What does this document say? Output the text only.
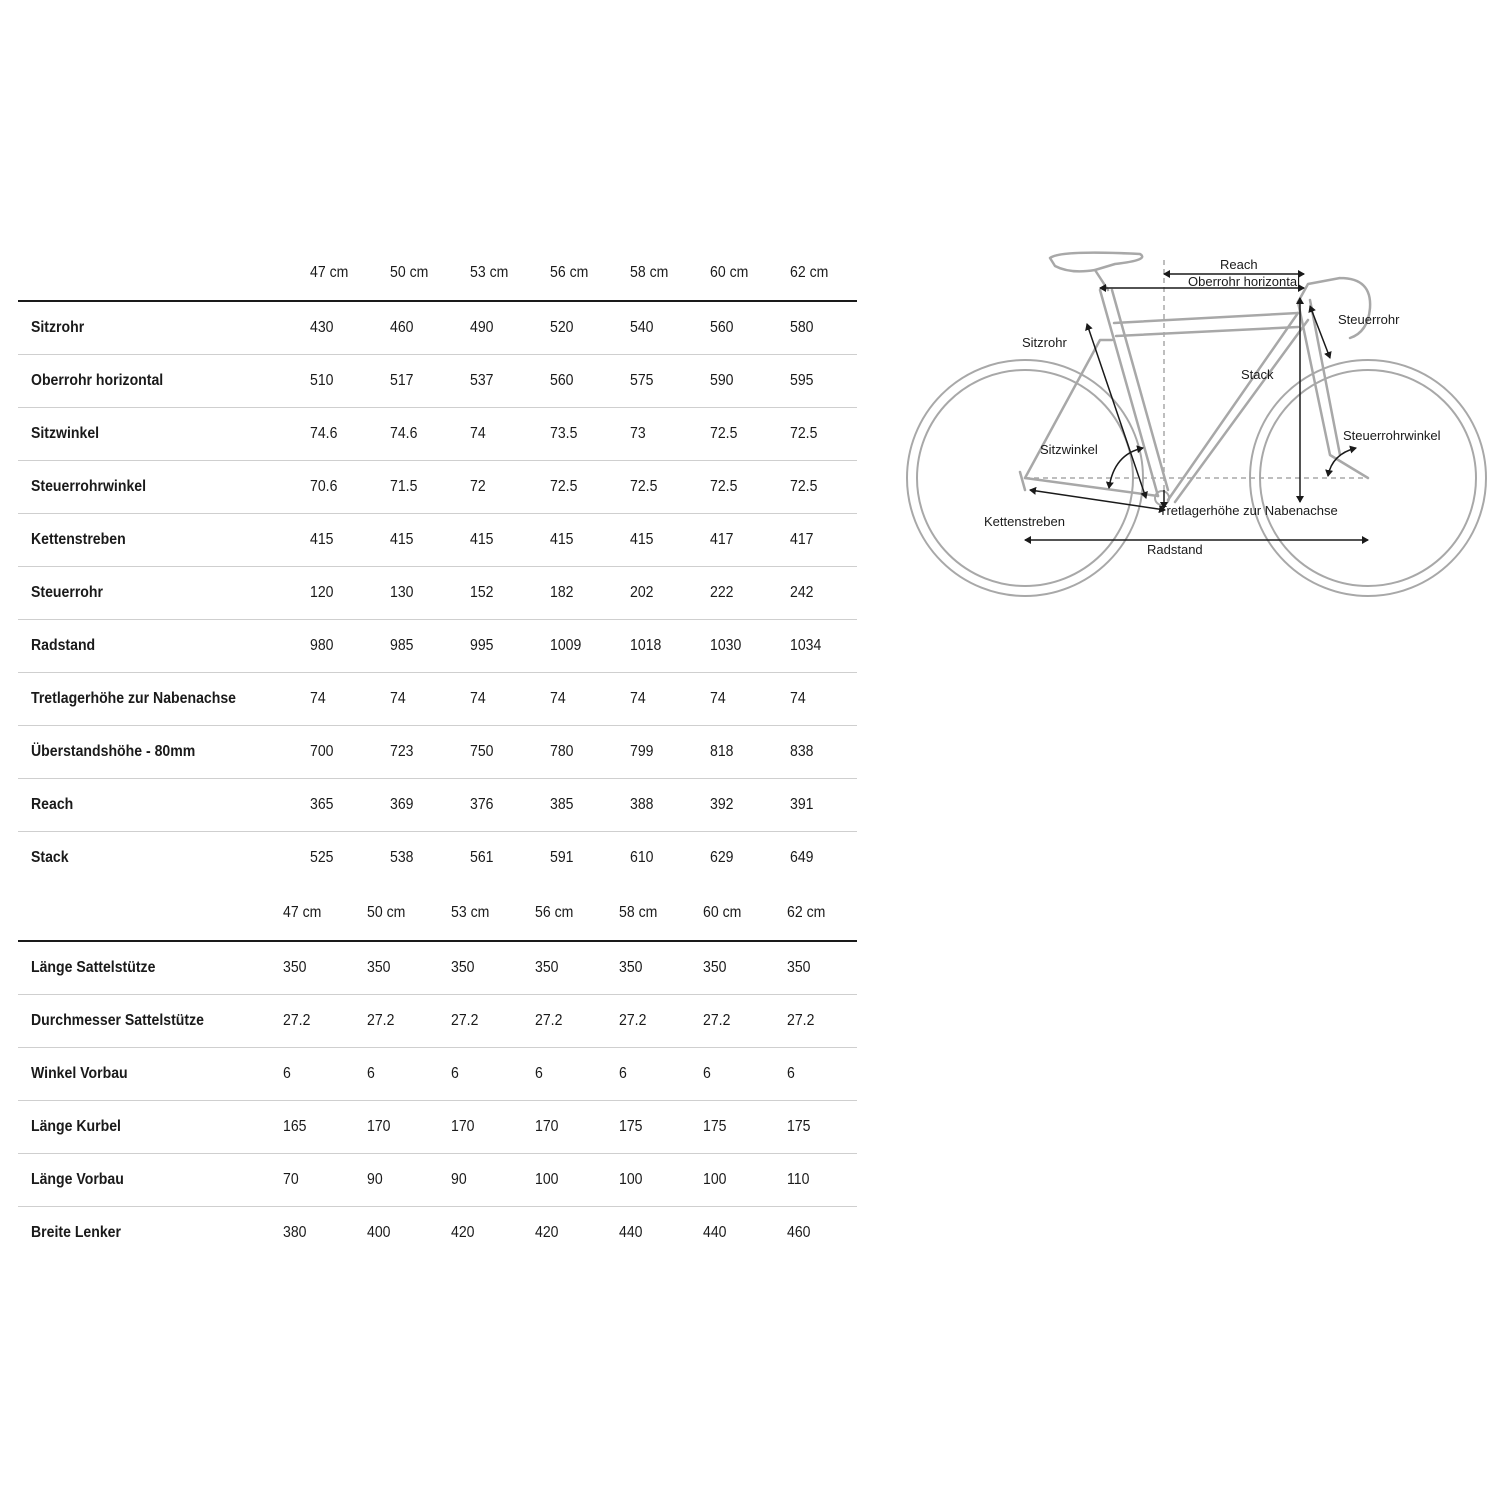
47 cm	50 cm	53 cm	56 cm	58 cm	60 cm	62 cm
Sitzrohr	430	460	490	520	540	560	580
Oberrohr horizontal	510	517	537	560	575	590	595
Sitzwinkel	74.6	74.6	74	73.5	73	72.5	72.5
Steuerrohrwinkel	70.6	71.5	72	72.5	72.5	72.5	72.5
Kettenstreben	415	415	415	415	415	417	417
Steuerrohr	120	130	152	182	202	222	242
Radstand	980	985	995	1009	1018	1030	1034
Tretlagerhöhe zur Nabenachse	74	74	74	74	74	74	74
Überstandshöhe - 80mm	700	723	750	780	799	818	838
Reach	365	369	376	385	388	392	391
Stack	525	538	561	591	610	629	649
47 cm	50 cm	53 cm	56 cm	58 cm	60 cm	62 cm
Länge Sattelstütze	350	350	350	350	350	350	350
Durchmesser Sattelstütze	27.2	27.2	27.2	27.2	27.2	27.2	27.2
Winkel Vorbau	6	6	6	6	6	6	6
Länge Kurbel	165	170	170	170	175	175	175
Länge Vorbau	70	90	90	100	100	100	110
Breite Lenker	380	400	420	420	440	440	460
Reach
Oberrohr horizontal
Steuerrohr
Sitzrohr
Stack
Sitzwinkel
Steuerrohrwinkel
Kettenstreben
Tretlagerhöhe zur Nabenachse
Radstand
